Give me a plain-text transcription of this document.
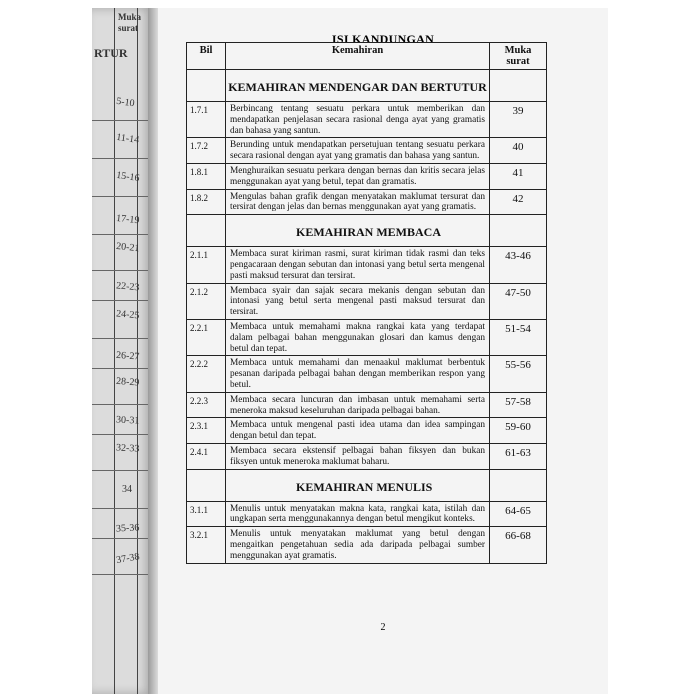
Muka surat
RTUR
5-10
11-14
15-16
17-19
20-21
22-23
24-25
26-27
28-29
30-31
32-33
34
35-36
37-38
ISI KANDUNGAN
2
Bil	Kemahiran	Muka surat
	KEMAHIRAN MENDENGAR DAN BERTUTUR	
1.7.1	Berbincang tentang sesuatu perkara untuk memberikan dan mendapatkan penjelasan secara rasional denga ayat yang gramatis dan bahasa yang santun.	39
1.7.2	Berunding untuk mendapatkan persetujuan tentang sesuatu perkara secara rasional dengan ayat yang gramatis dan bahasa yang santun.	40
1.8.1	Menghuraikan sesuatu perkara dengan bernas dan kritis secara jelas menggunakan ayat yang betul, tepat dan gramatis.	41
1.8.2	Mengulas bahan grafik dengan menyatakan maklumat tersurat dan tersirat dengan jelas dan bernas menggunakan ayat yang gramatis.	42
	KEMAHIRAN MEMBACA	
2.1.1	Membaca surat kiriman rasmi, surat kiriman tidak rasmi dan teks pengacaraan dengan sebutan dan intonasi yang betul serta mengenal pasti maksud tersurat dan tersirat.	43-46
2.1.2	Membaca syair dan sajak secara mekanis dengan sebutan dan intonasi yang betul serta mengenal pasti maksud tersurat dan tersirat.	47-50
2.2.1	Membaca untuk memahami makna rangkai kata yang terdapat dalam pelbagai bahan menggunakan glosari dan kamus dengan betul dan tepat.	51-54
2.2.2	Membaca untuk memahami dan menaakul maklumat berbentuk pesanan daripada pelbagai bahan dengan memberikan respon yang betul.	55-56
2.2.3	Membaca secara luncuran dan imbasan untuk memahami serta meneroka maksud keseluruhan daripada pelbagai bahan.	57-58
2.3.1	Membaca untuk mengenal pasti idea utama dan idea sampingan dengan betul dan tepat.	59-60
2.4.1	Membaca secara ekstensif pelbagai bahan fiksyen dan bukan fiksyen untuk meneroka maklumat baharu.	61-63
	KEMAHIRAN MENULIS	
3.1.1	Menulis untuk menyatakan makna kata, rangkai kata, istilah dan ungkapan serta menggunakannya dengan betul mengikut konteks.	64-65
3.2.1	Menulis untuk menyatakan maklumat yang betul dengan mengaitkan pengetahuan sedia ada daripada pelbagai sumber menggunakan ayat gramatis.	66-68
